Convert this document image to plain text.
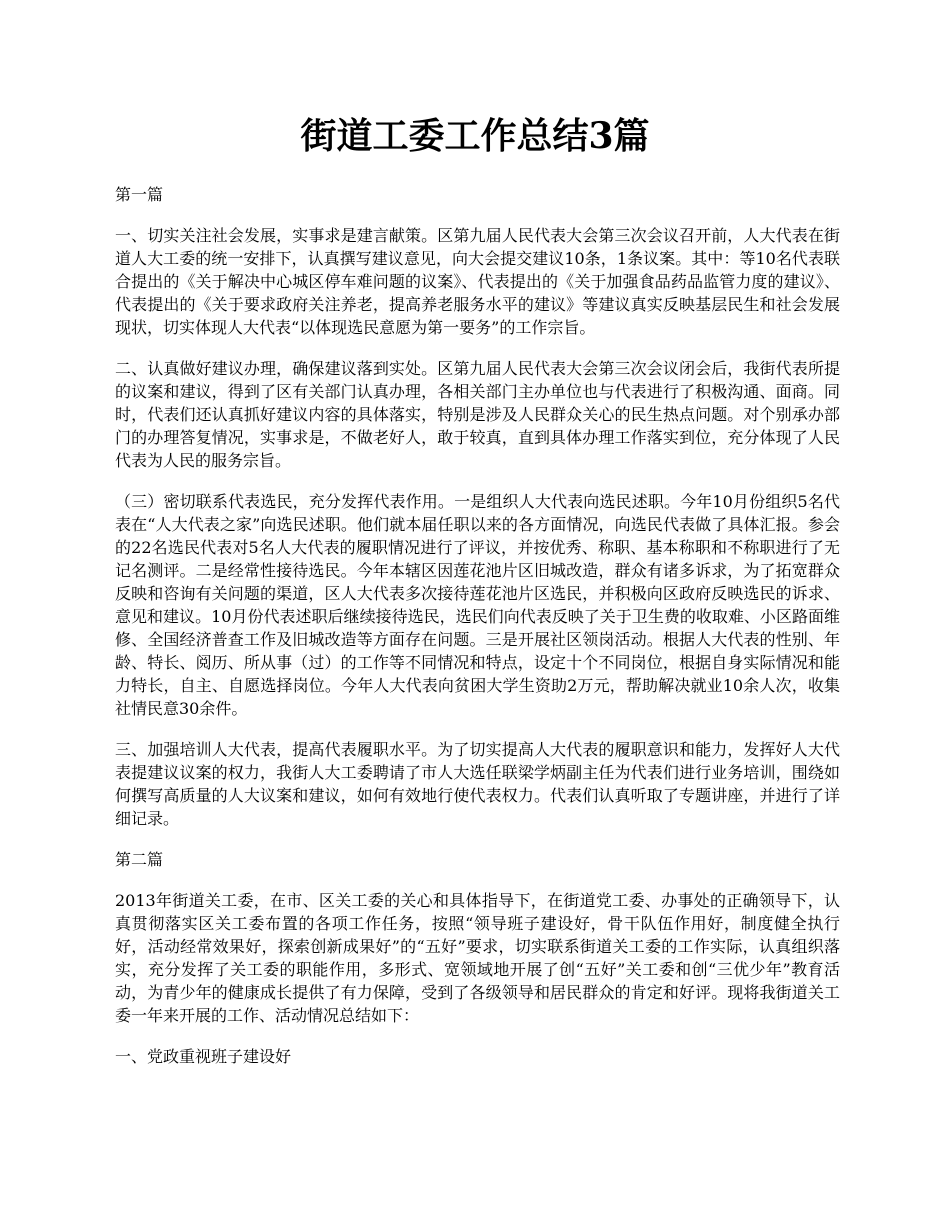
街道工委工作总结3篇

第一篇

一、切实关注社会发展，实事求是建言献策。区第九届人民代表大会第三次会议召开前，人大代表在街道人大工委的统一安排下，认真撰写建议意见，向大会提交建议10条，1条议案。其中：等10名代表联合提出的《关于解决中心城区停车难问题的议案》、代表提出的《关于加强食品药品监管力度的建议》、代表提出的《关于要求政府关注养老，提高养老服务水平的建议》等建议真实反映基层民生和社会发展现状，切实体现人大代表“以体现选民意愿为第一要务”的工作宗旨。

二、认真做好建议办理，确保建议落到实处。区第九届人民代表大会第三次会议闭会后，我街代表所提的议案和建议，得到了区有关部门认真办理，各相关部门主办单位也与代表进行了积极沟通、面商。同时，代表们还认真抓好建议内容的具体落实，特别是涉及人民群众关心的民生热点问题。对个别承办部门的办理答复情况，实事求是，不做老好人，敢于较真，直到具体办理工作落实到位，充分体现了人民代表为人民的服务宗旨。

（三）密切联系代表选民，充分发挥代表作用。一是组织人大代表向选民述职。今年10月份组织5名代表在“人大代表之家”向选民述职。他们就本届任职以来的各方面情况，向选民代表做了具体汇报。参会的22名选民代表对5名人大代表的履职情况进行了评议，并按优秀、称职、基本称职和不称职进行了无记名测评。二是经常性接待选民。今年本辖区因莲花池片区旧城改造，群众有诸多诉求，为了拓宽群众反映和咨询有关问题的渠道，区人大代表多次接待莲花池片区选民，并积极向区政府反映选民的诉求、意见和建议。10月份代表述职后继续接待选民，选民们向代表反映了关于卫生费的收取难、小区路面维修、全国经济普查工作及旧城改造等方面存在问题。三是开展社区领岗活动。根据人大代表的性别、年龄、特长、阅历、所从事（过）的工作等不同情况和特点，设定十个不同岗位，根据自身实际情况和能力特长，自主、自愿选择岗位。今年人大代表向贫困大学生资助2万元，帮助解决就业10余人次，收集社情民意30余件。

三、加强培训人大代表，提高代表履职水平。为了切实提高人大代表的履职意识和能力，发挥好人大代表提建议议案的权力，我街人大工委聘请了市人大选任联梁学炳副主任为代表们进行业务培训，围绕如何撰写高质量的人大议案和建议，如何有效地行使代表权力。代表们认真听取了专题讲座，并进行了详细记录。

第二篇

2013年街道关工委，在市、区关工委的关心和具体指导下，在街道党工委、办事处的正确领导下，认真贯彻落实区关工委布置的各项工作任务，按照“领导班子建设好，骨干队伍作用好，制度健全执行好，活动经常效果好，探索创新成果好”的“五好”要求，切实联系街道关工委的工作实际，认真组织落实，充分发挥了关工委的职能作用，多形式、宽领域地开展了创“五好”关工委和创“三优少年”教育活动，为青少年的健康成长提供了有力保障，受到了各级领导和居民群众的肯定和好评。现将我街道关工委一年来开展的工作、活动情况总结如下：

一、党政重视班子建设好
